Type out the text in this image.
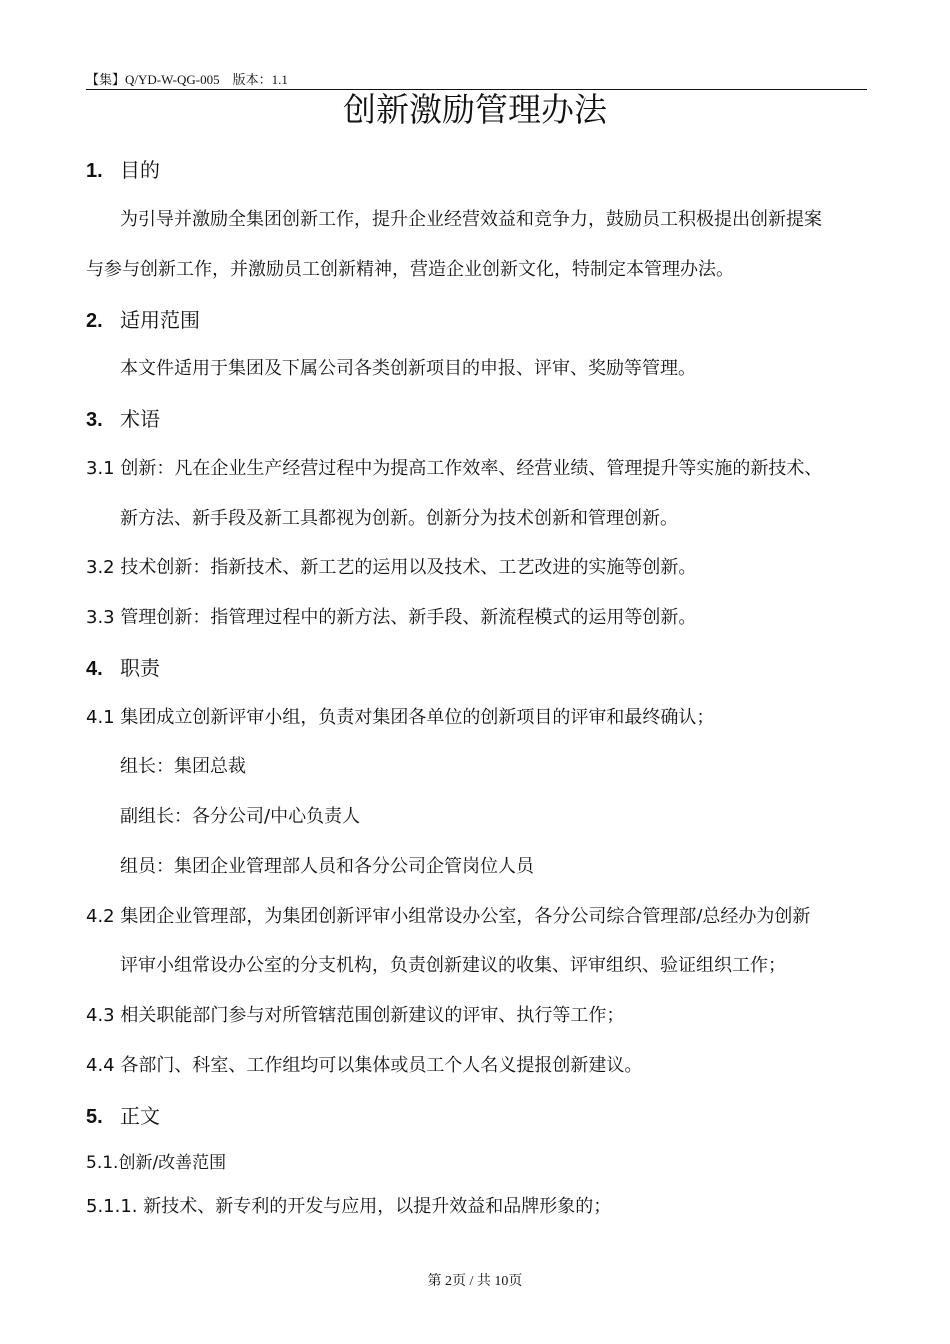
【集】Q/YD-W-QG-005　版本：1.1
创新激励管理办法
1. 目的
为引导并激励全集团创新工作，提升企业经营效益和竞争力，鼓励员工积极提出创新提案
与参与创新工作，并激励员工创新精神，营造企业创新文化，特制定本管理办法。
2. 适用范围
本文件适用于集团及下属公司各类创新项目的申报、评审、奖励等管理。
3. 术语
3.1 创新：凡在企业生产经营过程中为提高工作效率、经营业绩、管理提升等实施的新技术、
新方法、新手段及新工具都视为创新。创新分为技术创新和管理创新。
3.2 技术创新：指新技术、新工艺的运用以及技术、工艺改进的实施等创新。
3.3 管理创新：指管理过程中的新方法、新手段、新流程模式的运用等创新。
4. 职责
4.1 集团成立创新评审小组，负责对集团各单位的创新项目的评审和最终确认；
组长：集团总裁
副组长：各分公司/中心负责人
组员：集团企业管理部人员和各分公司企管岗位人员
4.2 集团企业管理部，为集团创新评审小组常设办公室，各分公司综合管理部/总经办为创新
评审小组常设办公室的分支机构，负责创新建议的收集、评审组织、验证组织工作；
4.3 相关职能部门参与对所管辖范围创新建议的评审、执行等工作；
4.4 各部门、科室、工作组均可以集体或员工个人名义提报创新建议。
5. 正文
5.1.创新/改善范围
5.1.1. 新技术、新专利的开发与应用，以提升效益和品牌形象的；
第 2页 / 共 10页
